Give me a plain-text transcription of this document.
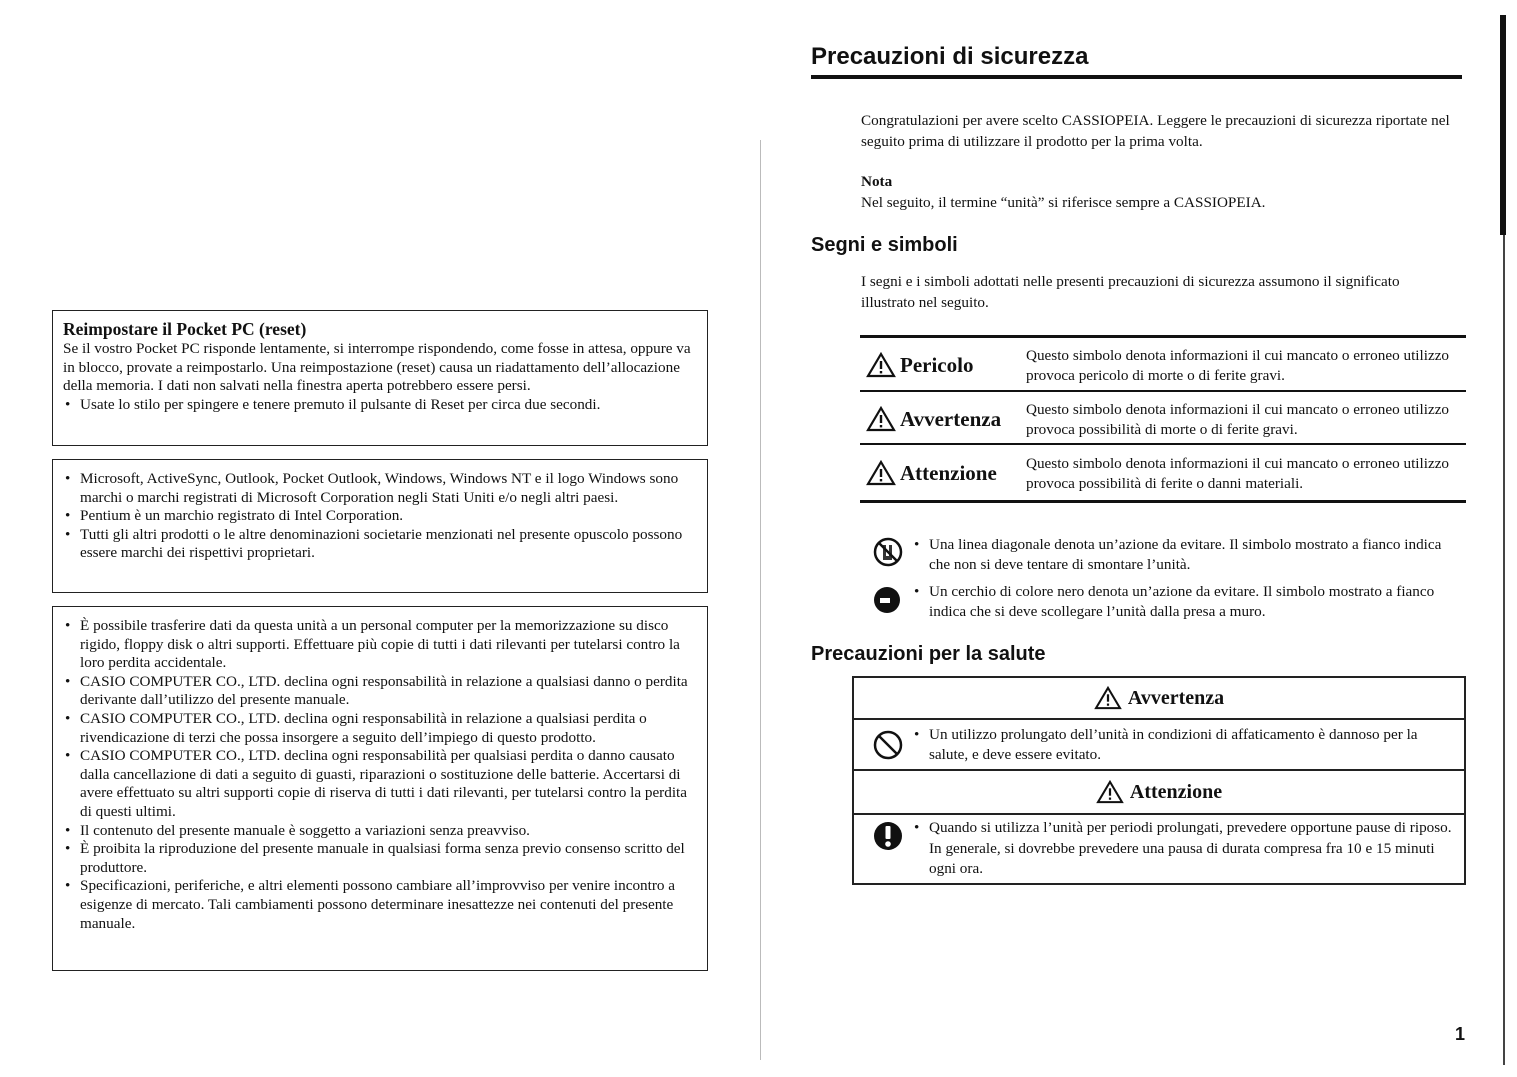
Reimpostare il Pocket PC (reset)
Se il vostro Pocket PC risponde lentamente, si interrompe rispondendo, come fosse in attesa, oppure va in blocco, provate a reimpostarlo. Una reimpostazione (reset) causa un riadattamento dell’allocazione della memoria. I dati non salvati nella finestra aperta potrebbero essere persi.
• Usate lo stilo per spingere e tenere premuto il pulsante di Reset per circa due secondi.
• Microsoft, ActiveSync, Outlook, Pocket Outlook, Windows, Windows NT e il logo Windows sono marchi o marchi registrati di Microsoft Corporation negli Stati Uniti e/o negli altri paesi.
• Pentium è un marchio registrato di Intel Corporation.
• Tutti gli altri prodotti o le altre denominazioni societarie menzionati nel presente opuscolo possono essere marchi dei rispettivi proprietari.
• È possibile trasferire dati da questa unità a un personal computer per la memorizzazione su disco rigido, floppy disk o altri supporti. Effettuare più copie di tutti i dati rilevanti per tutelarsi contro la loro perdita accidentale.
• CASIO COMPUTER CO., LTD. declina ogni responsabilità in relazione a qualsiasi danno o perdita derivante dall’utilizzo del presente manuale.
• CASIO COMPUTER CO., LTD. declina ogni responsabilità in relazione a qualsiasi perdita o rivendicazione di terzi che possa insorgere a seguito dell’impiego di questo prodotto.
• CASIO COMPUTER CO., LTD. declina ogni responsabilità per qualsiasi perdita o danno causato dalla cancellazione di dati a seguito di guasti, riparazioni o sostituzione delle batterie. Accertarsi di avere effettuato su altri supporti copie di riserva di tutti i dati rilevanti, per tutelarsi contro la perdita di questi ultimi.
• Il contenuto del presente manuale è soggetto a variazioni senza preavviso.
• È proibita la riproduzione del presente manuale in qualsiasi forma senza previo consenso scritto del produttore.
• Specificazioni, periferiche, e altri elementi possono cambiare all’improvviso per venire incontro a esigenze di mercato. Tali cambiamenti possono determinare inesattezze nei contenuti del presente manuale.
Precauzioni di sicurezza
Congratulazioni per avere scelto CASSIOPEIA. Leggere le precauzioni di sicurezza riportate nel seguito prima di utilizzare il prodotto per la prima volta.
Nota
Nel seguito, il termine “unità” si riferisce sempre a CASSIOPEIA.
Segni e simboli
I segni e i simboli adottati nelle presenti precauzioni di sicurezza assumono il significato illustrato nel seguito.
Pericolo	Questo simbolo denota informazioni il cui mancato o erroneo utilizzo provoca pericolo di morte o di ferite gravi.
Avvertenza Questo simbolo denota informazioni il cui mancato o erroneo utilizzo provoca possibilità di morte o di ferite gravi.
Attenzione Questo simbolo denota informazioni il cui mancato o erroneo utilizzo provoca possibilità di ferite o danni materiali.
• Una linea diagonale denota un’azione da evitare. Il simbolo mostrato a fianco indica che non si deve tentare di smontare l’unità.
• Un cerchio di colore nero denota un’azione da evitare. Il simbolo mostrato a fianco indica che si deve scollegare l’unità dalla presa a muro.
Precauzioni per la salute
Avvertenza
• Un utilizzo prolungato dell’unità in condizioni di affaticamento è dannoso per la salute, e deve essere evitato.
Attenzione
• Quando si utilizza l’unità per periodi prolungati, prevedere opportune pause di riposo. In generale, si dovrebbe prevedere una pausa di durata compresa fra 10 e 15 minuti ogni ora.
1
